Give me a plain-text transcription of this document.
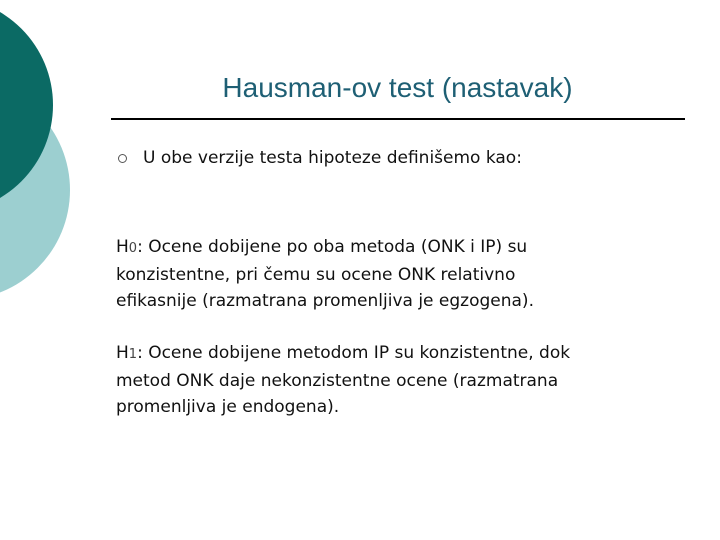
Hausman-ov test (nastavak)
U obe verzije testa hipoteze definišemo kao:
H0: Ocene dobijene po oba metoda (ONK i IP) su
konzistentne, pri čemu su ocene ONK relativno
efikasnije (razmatrana promenljiva je egzogena).
H1: Ocene dobijene metodom IP su konzistentne, dok
metod ONK daje nekonzistentne ocene (razmatrana
promenljiva je endogena).
